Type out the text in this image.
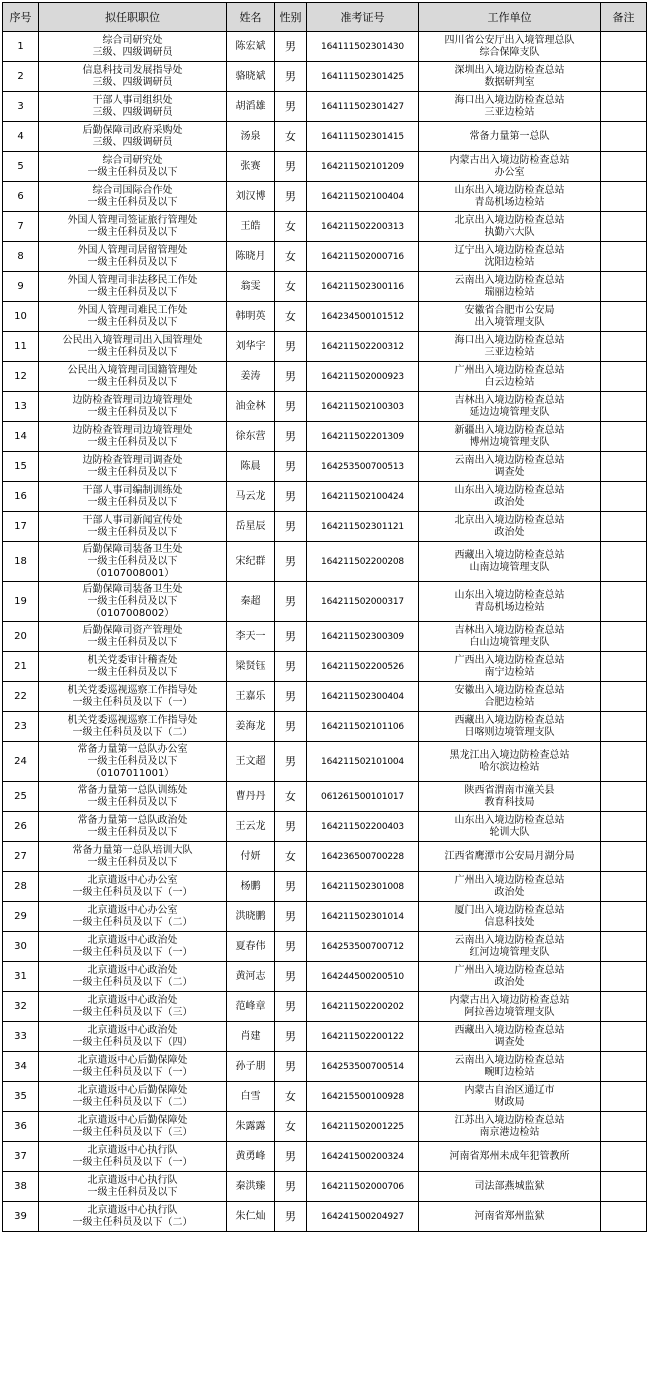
序号	拟任职职位	姓名	性别	准考证号	工作单位	备注
1	综合司研究处
三级、四级调研员	陈宏斌	男	164111502301430	四川省公安厅出入境管理总队
综合保障支队	

2	信息科技司发展指导处
三级、四级调研员	骆晓斌	男	164111502301425	深圳出入境边防检查总站
数据研判室	

3	干部人事司组织处
三级、四级调研员	胡滔雄	男	164111502301427	海口出入境边防检查总站
三亚边检站	

4	后勤保障司政府采购处
三级、四级调研员	汤泉	女	164111502301415	常备力量第一总队	

5	综合司研究处
一级主任科员及以下	张赛	男	164211502101209	内蒙古出入境边防检查总站
办公室	

6	综合司国际合作处
一级主任科员及以下	刘汉博	男	164211502100404	山东出入境边防检查总站
青岛机场边检站	

7	外国人管理司签证旅行管理处
一级主任科员及以下	王皓	女	164211502200313	北京出入境边防检查总站
执勤六大队	

8	外国人管理司居留管理处
一级主任科员及以下	陈晓月	女	164211502000716	辽宁出入境边防检查总站
沈阳边检站	

9	外国人管理司非法移民工作处
一级主任科员及以下	翁雯	女	164211502300116	云南出入境边防检查总站
瑞丽边检站	

10	外国人管理司难民工作处
一级主任科员及以下	韩明英	女	164234500101512	安徽省合肥市公安局
出入境管理支队	

11	公民出入境管理司出入国管理处
一级主任科员及以下	刘华宇	男	164211502200312	海口出入境边防检查总站
三亚边检站	

12	公民出入境管理司国籍管理处
一级主任科员及以下	姜涛	男	164211502000923	广州出入境边防检查总站
白云边检站	

13	边防检查管理司边境管理处
一级主任科员及以下	油金林	男	164211502100303	吉林出入境边防检查总站
延边边境管理支队	

14	边防检查管理司边境管理处
一级主任科员及以下	徐东营	男	164211502201309	新疆出入境边防检查总站
博州边境管理支队	

15	边防检查管理司调查处
一级主任科员及以下	陈晨	男	164253500700513	云南出入境边防检查总站
调查处	

16	干部人事司编制训练处
一级主任科员及以下	马云龙	男	164211502100424	山东出入境边防检查总站
政治处	

17	干部人事司新闻宣传处
一级主任科员及以下	岳星辰	男	164211502301121	北京出入境边防检查总站
政治处	

18	后勤保障司装备卫生处
一级主任科员及以下
（0107008001）	宋纪群	男	164211502200208	西藏出入境边防检查总站
山南边境管理支队	

19	后勤保障司装备卫生处
一级主任科员及以下
（0107008002）	秦超	男	164211502000317	山东出入境边防检查总站
青岛机场边检站	

20	后勤保障司资产管理处
一级主任科员及以下	李天一	男	164211502300309	吉林出入境边防检查总站
白山边境管理支队	

21	机关党委审计稽查处
一级主任科员及以下	梁贤钰	男	164211502200526	广西出入境边防检查总站
南宁边检站	

22	机关党委巡视巡察工作指导处
一级主任科员及以下（一）	王嘉乐	男	164211502300404	安徽出入境边防检查总站
合肥边检站	

23	机关党委巡视巡察工作指导处
一级主任科员及以下（二）	姜海龙	男	164211502101106	西藏出入境边防检查总站
日喀则边境管理支队	

24	常备力量第一总队办公室
一级主任科员及以下
（0107011001）	王文超	男	164211502101004	黑龙江出入境边防检查总站
哈尔滨边检站	

25	常备力量第一总队训练处
一级主任科员及以下	曹丹丹	女	061261500101017	陕西省渭南市潼关县
教育科技局	

26	常备力量第一总队政治处
一级主任科员及以下	王云龙	男	164211502200403	山东出入境边防检查总站
轮训大队	

27	常备力量第一总队培训大队
一级主任科员及以下	付妍	女	164236500700228	江西省鹰潭市公安局月湖分局	

28	北京遣返中心办公室
一级主任科员及以下（一）	杨鹏	男	164211502301008	广州出入境边防检查总站
政治处	

29	北京遣返中心办公室
一级主任科员及以下（二）	洪晓鹏	男	164211502301014	厦门出入境边防检查总站
信息科技处	

30	北京遣返中心政治处
一级主任科员及以下（一）	夏春伟	男	164253500700712	云南出入境边防检查总站
红河边境管理支队	

31	北京遣返中心政治处
一级主任科员及以下（二）	黄河志	男	164244500200510	广州出入境边防检查总站
政治处	

32	北京遣返中心政治处
一级主任科员及以下（三）	范峰章	男	164211502200202	内蒙古出入境边防检查总站
阿拉善边境管理支队	

33	北京遣返中心政治处
一级主任科员及以下（四）	肖建	男	164211502200122	西藏出入境边防检查总站
调查处	

34	北京遣返中心后勤保障处
一级主任科员及以下（一）	孙子朋	男	164253500700514	云南出入境边防检查总站
畹町边检站	

35	北京遣返中心后勤保障处
一级主任科员及以下（二）	白雪	女	164215500100928	内蒙古自治区通辽市
财政局	

36	北京遣返中心后勤保障处
一级主任科员及以下（三）	朱露露	女	164211502001225	江苏出入境边防检查总站
南京港边检站	

37	北京遣返中心执行队
一级主任科员及以下（一）	黄勇峰	男	164241500200324	河南省郑州未成年犯管教所	

38	北京遣返中心执行队
一级主任科员及以下	秦洪臻	男	164211502000706	司法部燕城监狱	

39	北京遣返中心执行队
一级主任科员及以下（二）	朱仁灿	男	164241500204927	河南省郑州监狱	
